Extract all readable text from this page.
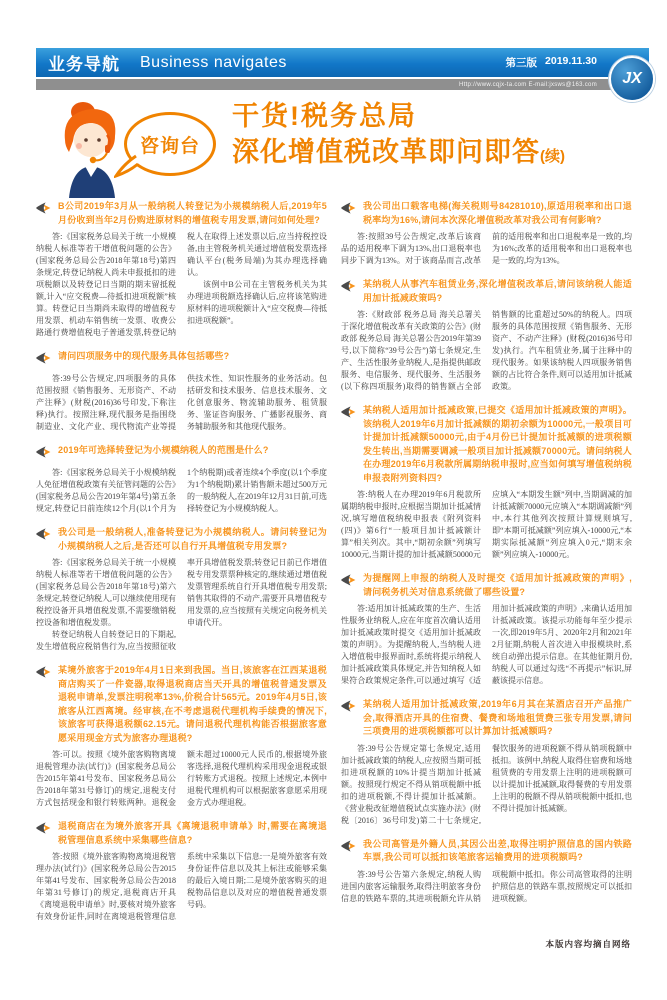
业务导航 Business navigates	第三版 2019.11.30
Http://www.cqjx-ta.com E-mail:jxsws@163.com	JX
咨询台
干货!税务总局
深化增值税改革即问即答(续)
B公司2019年3月从一般纳税人转登记为小规模纳税人后,2019年5月份收到当年2月份购进原材料的增值税专用发票,请问如何处理?

答:《国家税务总局关于统一小规模纳税人标准等若干增值税问题的公告》(国家税务总局公告2018年第18号)第四条规定,转登记纳税人尚未申报抵扣的进项税额以及转登记日当期的期末留抵税额,计入“应交税费—待抵扣进项税额”核算。转登记日当期尚未取得的增值税专用发票、机动车销售统一发票、收费公路通行费增值税电子普通发票,转登记纳税人在取得上述发票以后,应当持税控设备,由主管税务机关通过增值税发票选择确认平台(税务局端)为其办理选择确认。

该例中B公司在主管税务机关为其办理进项税额选择确认后,应将该笔购进原材料的进项税额计入“应交税费—待抵扣进项税额”。

请问四项服务中的现代服务具体包括哪些?

答:39号公告规定,四项服务的具体范围按照《销售服务、无形资产、不动产注释》(财税(2016)36号印发,下称注释)执行。按照注释,现代服务是指围绕制造业、文化产业、现代物流产业等提供技术性、知识性服务的业务活动。包括研发和技术服务、信息技术服务、文化创意服务、物流辅助服务、租赁服务、鉴证咨询服务、广播影视服务、商务辅助服务和其他现代服务。

2019年可选择转登记为小规模纳税人的范围是什么?

答:《国家税务总局关于小规模纳税人免征增值税政策有关征管问题的公告》(国家税务总局公告2019年第4号)第五条规定,转登记日前连续12个月(以1个月为1个纳税期)或者连续4个季度(以1个季度为1个纳税期)累计销售额未超过500万元的一般纳税人,在2019年12月31日前,可选择转登记为小规模纳税人。

我公司是一般纳税人,准备转登记为小规模纳税人。请问转登记为小规模纳税人之后,是否还可以自行开具增值税专用发票?

答:《国家税务总局关于统一小规模纳税人标准等若干增值税问题的公告》(国家税务总局公告2018年第18号)第六条规定,转登记纳税人,可以继续使用现有税控设备开具增值税发票,不需要缴销税控设备和增值税发票。

转登记纳税人自转登记日的下期起,发生增值税应税销售行为,应当按照征收率开具增值税发票;转登记日前已作增值税专用发票票种核定的,继续通过增值税发票管理系统自行开具增值税专用发票;销售其取得的不动产,需要开具增值税专用发票的,应当按照有关规定向税务机关申请代开。

某境外旅客于2019年4月1日来到我国。当日,该旅客在江西某退税商店购买了一件瓷器,取得退税商店当天开具的增值税普通发票及退税申请单,发票注明税率13%,价税合计565元。2019年4月5日,该旅客从江西离境。经审核,在不考虑退税代理机构手续费的情况下,该旅客可获得退税额62.15元。请问退税代理机构能否根据旅客意愿采用现金方式为旅客办理退税?

答:可以。按照《境外旅客购物离境退税管理办法(试行)》(国家税务总局公告2015年第41号发布、国家税务总局公告2018年第31号修订)的规定,退税支付方式包括现金和银行转账两种。退税金额未超过10000元人民币的,根据境外旅客选择,退税代理机构采用现金退税或银行转账方式退税。按照上述规定,本例中退税代理机构可以根据旅客意愿采用现金方式办理退税。

退税商店在为境外旅客开具《离境退税申请单》时,需要在离境退税管理信息系统中采集哪些信息?

答:按照《境外旅客购物离境退税管理办法(试行)》(国家税务总局公告2015年第41号发布、国家税务总局公告2018年第31号修订)的规定,退税商店开具《离境退税申请单》时,要核对境外旅客有效身份证件,同时在离境退税管理信息系统中采集以下信息:一是境外旅客有效身份证件信息以及其上标注或能够采集的最后入境日期;二是境外旅客购买的退税物品信息以及对应的增值税普通发票号码。

我公司出口载客电梯(海关税则号84281010),原适用税率和出口退税率均为16%,请问本次深化增值税改革对我公司有何影响?

答:按照39号公告规定,改革后该商品的适用税率下调为13%,出口退税率也同步下调为13%。对于该商品而言,改革前的适用税率和出口退税率是一致的,均为16%;改革的适用税率和出口退税率也是一致的,均为13%。

某纳税人从事汽车租赁业务,深化增值税改革后,请问该纳税人能适用加计抵减政策吗?

答:《财政部 税务总局 海关总署关于深化增值税改革有关政策的公告》(财政部 税务总局 海关总署公告2019年第39号,以下简称“39号公告”)第七条规定,生产、生活性服务业纳税人,是指提供邮政服务、电信服务、现代服务、生活服务(以下称四项服务)取得的销售额占全部销售额的比重超过50%的纳税人。四项服务的具体范围按照《销售服务、无形资产、不动产注释》(财税(2016)36号印发)执行。汽车租赁业务,属于注释中的现代服务。如果该纳税人四项服务销售额的占比符合条件,则可以适用加计抵减政策。

某纳税人适用加计抵减政策,已提交《适用加计抵减政策的声明》。该纳税人2019年6月加计抵减额的期初余额为10000元,一般项目可计提加计抵减额50000元,由于4月份已计提加计抵减额的进项税额发生转出,当期需要调减一般项目加计抵减额70000元。请问纳税人在办理2019年6月税款所属期纳税申报时,应当如何填写增值税纳税申报表附列资料四?

答:纳税人在办理2019年6月税款所属期纳税申报时,应根据当期加计抵减情况,填写增值税纳税申报表《附列资料(四)》第6行“一般项目加计抵减额计算”相关列次。其中,“期初余额”列填写10000元,当期计提的加计抵减额50000元应填入“本期发生额”列中,当期调减的加计抵减额70000元应填入“本期调减额”列中,本行其他列次按照计算规则填写,即“本期可抵减额”列应填入-10000元,“本期实际抵减额”列应填入0元,“期末余额”列应填入-10000元。

为提醒网上申报的纳税人及时提交《适用加计抵减政策的声明》,请问税务机关对信息系统做了哪些设置?

答:适用加计抵减政策的生产、生活性服务业纳税人,应在年度首次确认适用加计抵减政策时提交《适用加计抵减政策的声明》。为提醒纳税人,当纳税人进入增值税申报界面时,系统将提示纳税人加计抵减政策具体规定,并告知纳税人如果符合政策规定条件,可以通过填写《适用加计抵减政策的声明》,来确认适用加计抵减政策。该提示功能每年至少提示一次,即2019年5月、2020年2月和2021年2月征期,纳税人首次进入申报模块时,系统自动弹出提示信息。在其他征期月份,纳税人可以通过勾选“不再提示”标识,屏蔽该提示信息。

某纳税人适用加计抵减政策,2019年6月其在某酒店召开产品推广会,取得酒店开具的住宿费、餐费和场地租赁费三张专用发票,请问三项费用的进项税额都可以计算加计抵减额吗?

答:39号公告规定第七条规定,适用加计抵减政策的纳税人,应按照当期可抵扣进项税额的10%计提当期加计抵减额。按照现行规定不得从销项税额中抵扣的进项税额,不得计提加计抵减额。《营业税改征增值税试点实施办法》(财税〔2016〕36号印发)第二十七条规定,餐饮服务的进项税额不得从销项税额中抵扣。该例中,纳税人取得住宿费和场地租赁费的专用发票上注明的进项税额可以计提加计抵减额,取得餐费的专用发票上注明的税额不得从销项税额中抵扣,也不得计提加计抵减额。

我公司高管是外籍人员,其因公出差,取得注明护照信息的国内铁路车票,我公司可以抵扣该笔旅客运输费用的进项税额吗?

答:39号公告第六条规定,纳税人购进国内旅客运输服务,取得注明旅客身份信息的铁路车票的,其进项税额允许从销项税额中抵扣。你公司高管取得的注明护照信息的铁路车票,按照规定可以抵扣进项税额。

本版内容均摘自网络
